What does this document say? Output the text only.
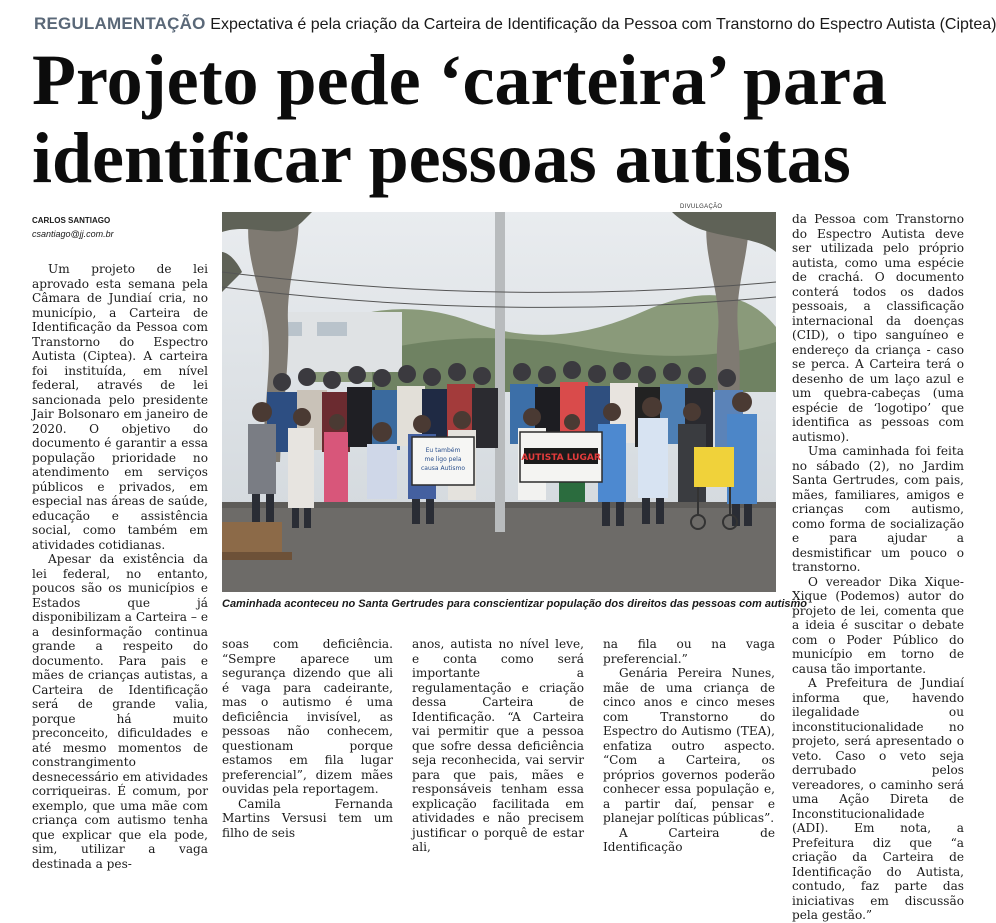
REGULAMENTAÇÃO Expectativa é pela criação da Carteira de Identificação da Pessoa com Transtorno do Espectro Autista (Ciptea)
Projeto pede ‘carteira’ para identificar pessoas autistas
CARLOS SANTIAGO
csantiago@jj.com.br

Um projeto de lei aprovado esta semana pela Câmara de Jundiaí cria, no município, a Carteira de Identificação da Pessoa com Transtorno do Espectro Autista (Ciptea). A carteira foi instituída, em nível federal, através de lei sancionada pelo presidente Jair Bolsonaro em janeiro de 2020. O objetivo do documento é garantir a essa população prioridade no atendimento em serviços públicos e privados, em especial nas áreas de saúde, educação e assistência social, como também em atividades cotidianas.

Apesar da existência da lei federal, no entanto, poucos são os municípios e Estados que já disponibilizam a Carteira – e a desinformação continua grande a respeito do documento. Para pais e mães de crianças autistas, a Carteira de Identificação será de grande valia, porque há muito preconceito, dificuldades e até mesmo momentos de constrangimento desnecessário em atividades corriqueiras. É comum, por exemplo, que uma mãe com criança com autismo tenha que explicar que ela pode, sim, utilizar a vaga destinada a pes-

DIVULGAÇÃO
Eu também me ligo pela causa Autismo
AUTISTA LUGAR
Caminhada aconteceu no Santa Gertrudes para conscientizar população dos direitos das pessoas com autismo

soas com deficiência. “Sempre aparece um segurança dizendo que ali é vaga para cadeirante, mas o autismo é uma deficiência invisível, as pessoas não conhecem, questionam porque estamos em fila lugar preferencial”, dizem mães ouvidas pela reportagem.

Camila Fernanda Martins Versusi tem um filho de seis

anos, autista no nível leve, e conta como será importante a regulamentação e criação dessa Carteira de Identificação. “A Carteira vai permitir que a pessoa que sofre dessa deficiência seja reconhecida, vai servir para que pais, mães e responsáveis tenham essa explicação facilitada em atividades e não precisem justificar o porquê de estar ali,

na fila ou na vaga preferencial.”

Genária Pereira Nunes, mãe de uma criança de cinco anos e cinco meses com Transtorno do Espectro do Autismo (TEA), enfatiza outro aspecto. “Com a Carteira, os próprios governos poderão conhecer essa população e, a partir daí, pensar e planejar políticas públicas”.

A Carteira de Identificação

da Pessoa com Transtorno do Espectro Autista deve ser utilizada pelo próprio autista, como uma espécie de crachá. O documento conterá todos os dados pessoais, a classificação internacional da doenças (CID), o tipo sanguíneo e endereço da criança - caso se perca. A Carteira terá o desenho de um laço azul e um quebra-cabeças (uma espécie de ‘logotipo’ que identifica as pessoas com autismo).

Uma caminhada foi feita no sábado (2), no Jardim Santa Gertrudes, com pais, mães, familiares, amigos e crianças com autismo, como forma de socialização e para ajudar a desmistificar um pouco o transtorno.

O vereador Dika Xique-Xique (Podemos) autor do projeto de lei, comenta que a ideia é suscitar o debate com o Poder Público do município em torno de causa tão importante.

A Prefeitura de Jundiaí informa que, havendo ilegalidade ou inconstitucionalidade no projeto, será apresentado o veto. Caso o veto seja derrubado pelos vereadores, o caminho será uma Ação Direta de Inconstitucionalidade (ADI). Em nota, a Prefeitura diz que “a criação da Carteira de Identificação do Autista, contudo, faz parte das iniciativas em discussão pela gestão.”
